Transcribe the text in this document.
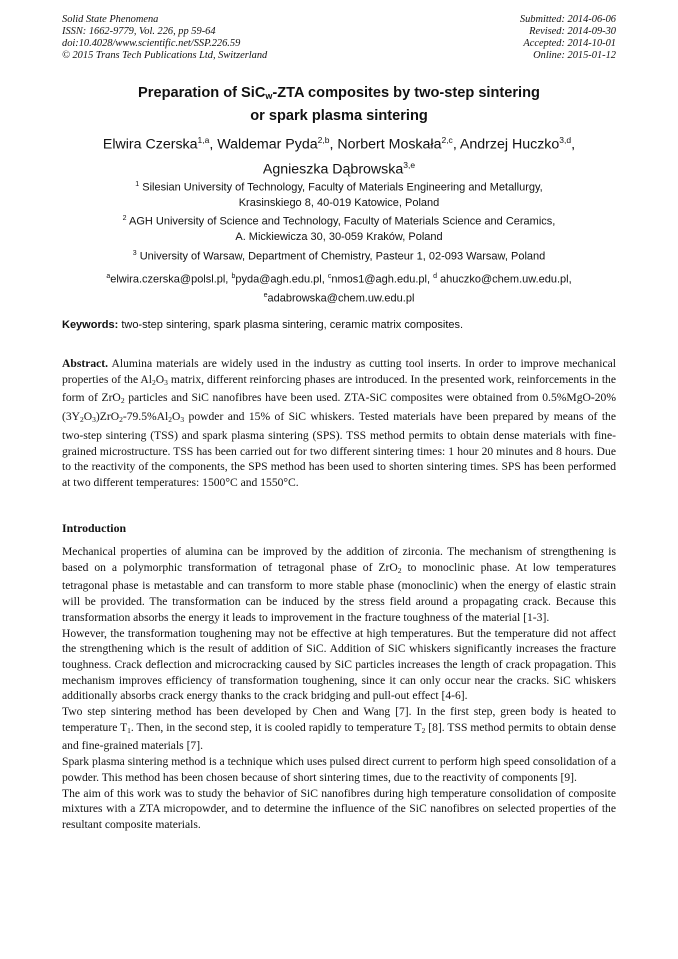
Solid State Phenomena
ISSN: 1662-9779, Vol. 226, pp 59-64
doi:10.4028/www.scientific.net/SSP.226.59
© 2015 Trans Tech Publications Ltd, Switzerland
Submitted: 2014-06-06
Revised: 2014-09-30
Accepted: 2014-10-01
Online: 2015-01-12
Preparation of SiC$_w$-ZTA composites by two-step sintering
or spark plasma sintering
Elwira Czerska$^{1,a}$, Waldemar Pyda$^{2,b}$, Norbert Moskała$^{2,c}$, Andrzej Huczko$^{3,d}$,
Agnieszka Dąbrowska$^{3,e}$
$^1$ Silesian University of Technology, Faculty of Materials Engineering and Metallurgy,
Krasinskiego 8, 40-019 Katowice, Poland
$^2$ AGH University of Science and Technology, Faculty of Materials Science and Ceramics,
A. Mickiewicza 30, 30-059 Kraków, Poland
$^3$ University of Warsaw, Department of Chemistry, Pasteur 1, 02-093 Warsaw, Poland
$^a$elwira.czerska@polsl.pl, $^b$pyda@agh.edu.pl, $^c$nmos1@agh.edu.pl, $^d$ ahuczko@chem.uw.edu.pl,
$^e$adabrowska@chem.uw.edu.pl
Keywords: two-step sintering, spark plasma sintering, ceramic matrix composites.

Abstract. Alumina materials are widely used in the industry as cutting tool inserts. In order to improve mechanical properties of the $Al_2O_3$ matrix, different reinforcing phases are introduced. In the presented work, reinforcements in the form of ZrO$_2$ particles and SiC nanofibres have been used. ZTA-SiC composites were obtained from $0.5\%MgO-20\%(3Y_2O_3)ZrO_2-79.5\%Al_2O_3$ powder and 15% of SiC whiskers. Tested materials have been prepared by means of the two-step sintering (TSS) and spark plasma sintering (SPS). TSS method permits to obtain dense materials with fine-grained microstructure. TSS has been carried out for two different sintering times: 1 hour 20 minutes and 8 hours. Due to the reactivity of the components, the SPS method has been used to shorten sintering times. SPS has been performed at two different temperatures: 1500°C and 1550°C.

Introduction

Mechanical properties of alumina can be improved by the addition of zirconia. The mechanism of strengthening is based on a polymorphic transformation of tetragonal phase of ZrO$_2$ to monoclinic phase. At low temperatures tetragonal phase is metastable and can transform to more stable phase (monoclinic) when the energy of elastic strain will be provided. The transformation can be induced by the stress field around a propagating crack. Because this transformation absorbs the energy it leads to improvement in the fracture toughness of the material [1-3].

However, the transformation toughening may not be effective at high temperatures. But the temperature did not affect the strengthening which is the result of addition of SiC. Addition of SiC whiskers significantly increases the fracture toughness. Crack deflection and microcracking caused by SiC particles increases the length of crack propagation. This mechanism improves efficiency of transformation toughening, since it can only occur near the cracks. SiC whiskers additionally absorbs crack energy thanks to the crack bridging and pull-out effect [4-6].

Two step sintering method has been developed by Chen and Wang [7]. In the first step, green body is heated to temperature $T_1$. Then, in the second step, it is cooled rapidly to temperature $T_2$ [8]. TSS method permits to obtain dense and fine-grained materials [7].

Spark plasma sintering method is a technique which uses pulsed direct current to perform high speed consolidation of a powder. This method has been chosen because of short sintering times, due to the reactivity of components [9].

The aim of this work was to study the behavior of SiC nanofibres during high temperature consolidation of composite mixtures with a ZTA micropowder, and to determine the influence of the SiC nanofibres on selected properties of the resultant composite materials.
